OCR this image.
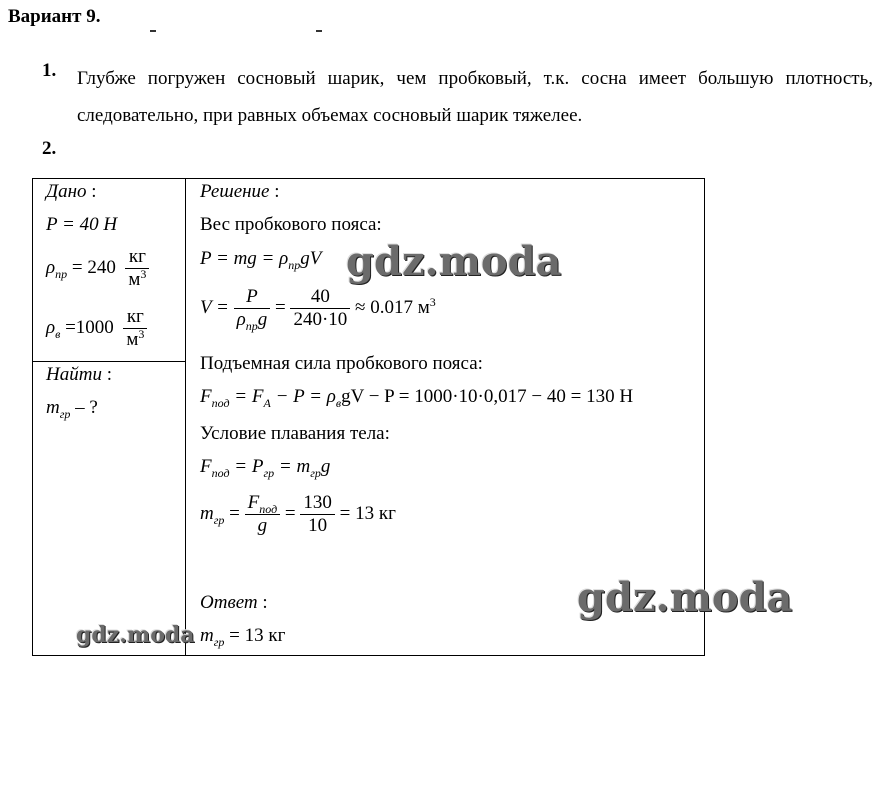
Вариант 9.
1. Глубже погружен сосновый шарик, чем пробковый, т.к. сосна имеет большую плотность, следовательно, при равных объемах сосновый шарик тяжелее.
2.
Дано :
P = 40 Н
$\rho_{пр} = 240 \frac{кг}{м^3}$
$\rho_в =1000 \frac{кг}{м^3}$
Найти :
$m_{гр}$ – ?
Решение :
Вес пробкового пояса:
P = mg = $\rho_{пр}gV$
$V = \frac{P}{\rho_{пр}g} = \frac{40}{240\cdot 10} \approx 0.017$ $м^3$
Подъемная сила пробкового пояса:
$F_{под} = F_A - P = \rho_вgV - P = 1000\cdot 10\cdot 0,017 - 40 = 130$ Н
Условие плавания тела:
$F_{под} = P_{гр} = m_{гр}g$
$m_{гр} = \frac{F_{под}}{g} = \frac{130}{10} = 13$ кг
Ответ :
$m_{гр} = 13$ кг
gdz.moda
gdz.moda
gdz.moda
